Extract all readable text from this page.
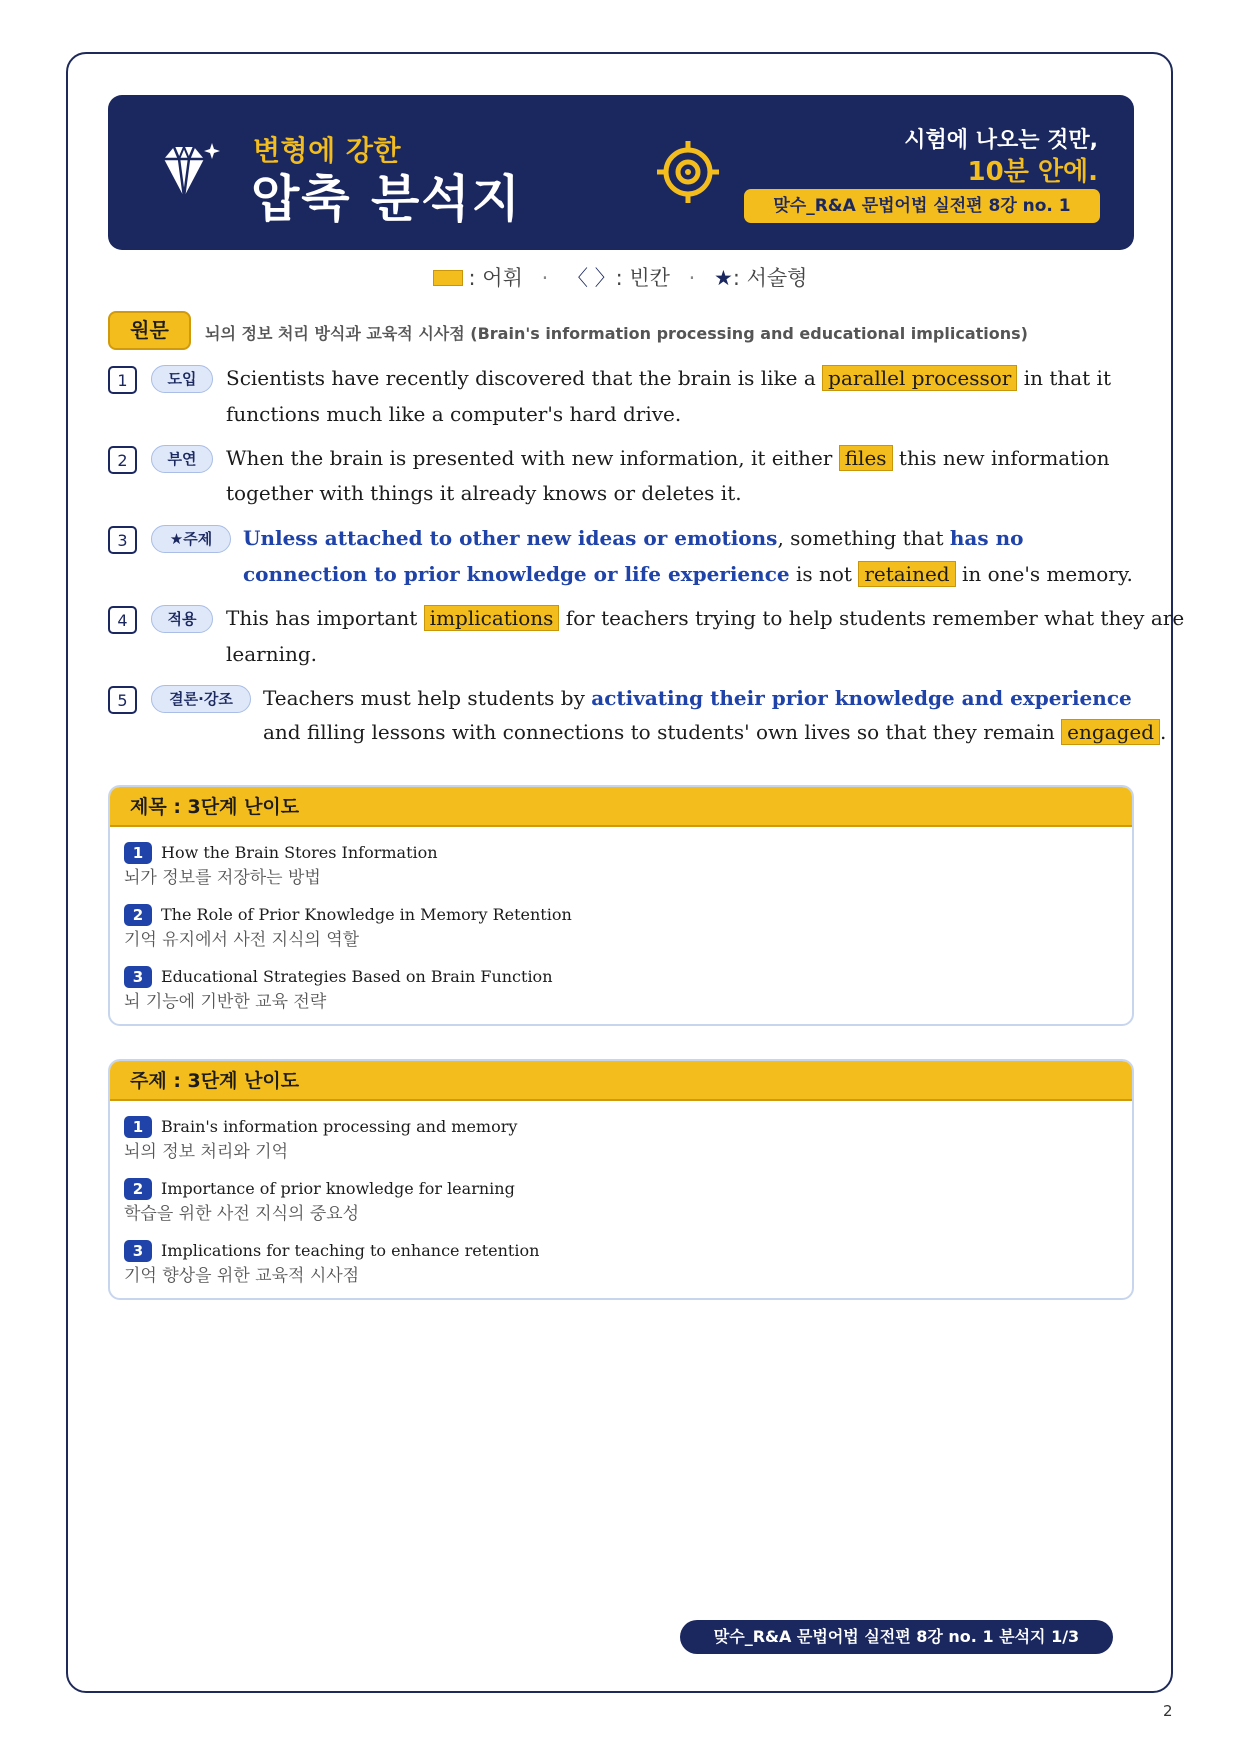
변형에 강한
압축 분석지
시험에 나오는 것만,
10분 안에.
맞수_R&A 문법어법 실전편 8강 no. 1
: 어휘 · 〈 〉: 빈칸 · ★: 서술형
원문	뇌의 정보 처리 방식과 교육적 시사점 (Brain's information processing and educational implications)
1	도입	Scientists have recently discovered that the brain is like a parallel processor in that it
functions much like a computer's hard drive.
2	부연	When the brain is presented with new information, it either files this new information
together with things it already knows or deletes it.
3	★주제	Unless attached to other new ideas or emotions, something that has no
connection to prior knowledge or life experience is not retained in one's memory.
4	적용	This has important implications for teachers trying to help students remember what they are
learning.
5	결론·강조	Teachers must help students by activating their prior knowledge and experience
and filling lessons with connections to students' own lives so that they remain engaged .
제목 : 3단계 난이도
1	How the Brain Stores Information
뇌가 정보를 저장하는 방법
2	The Role of Prior Knowledge in Memory Retention
기억 유지에서 사전 지식의 역할
3	Educational Strategies Based on Brain Function
뇌 기능에 기반한 교육 전략
주제 : 3단계 난이도
1	Brain's information processing and memory
뇌의 정보 처리와 기억
2	Importance of prior knowledge for learning
학습을 위한 사전 지식의 중요성
3	Implications for teaching to enhance retention
기억 향상을 위한 교육적 시사점
맞수_R&A 문법어법 실전편 8강 no. 1 분석지 1/3
2
